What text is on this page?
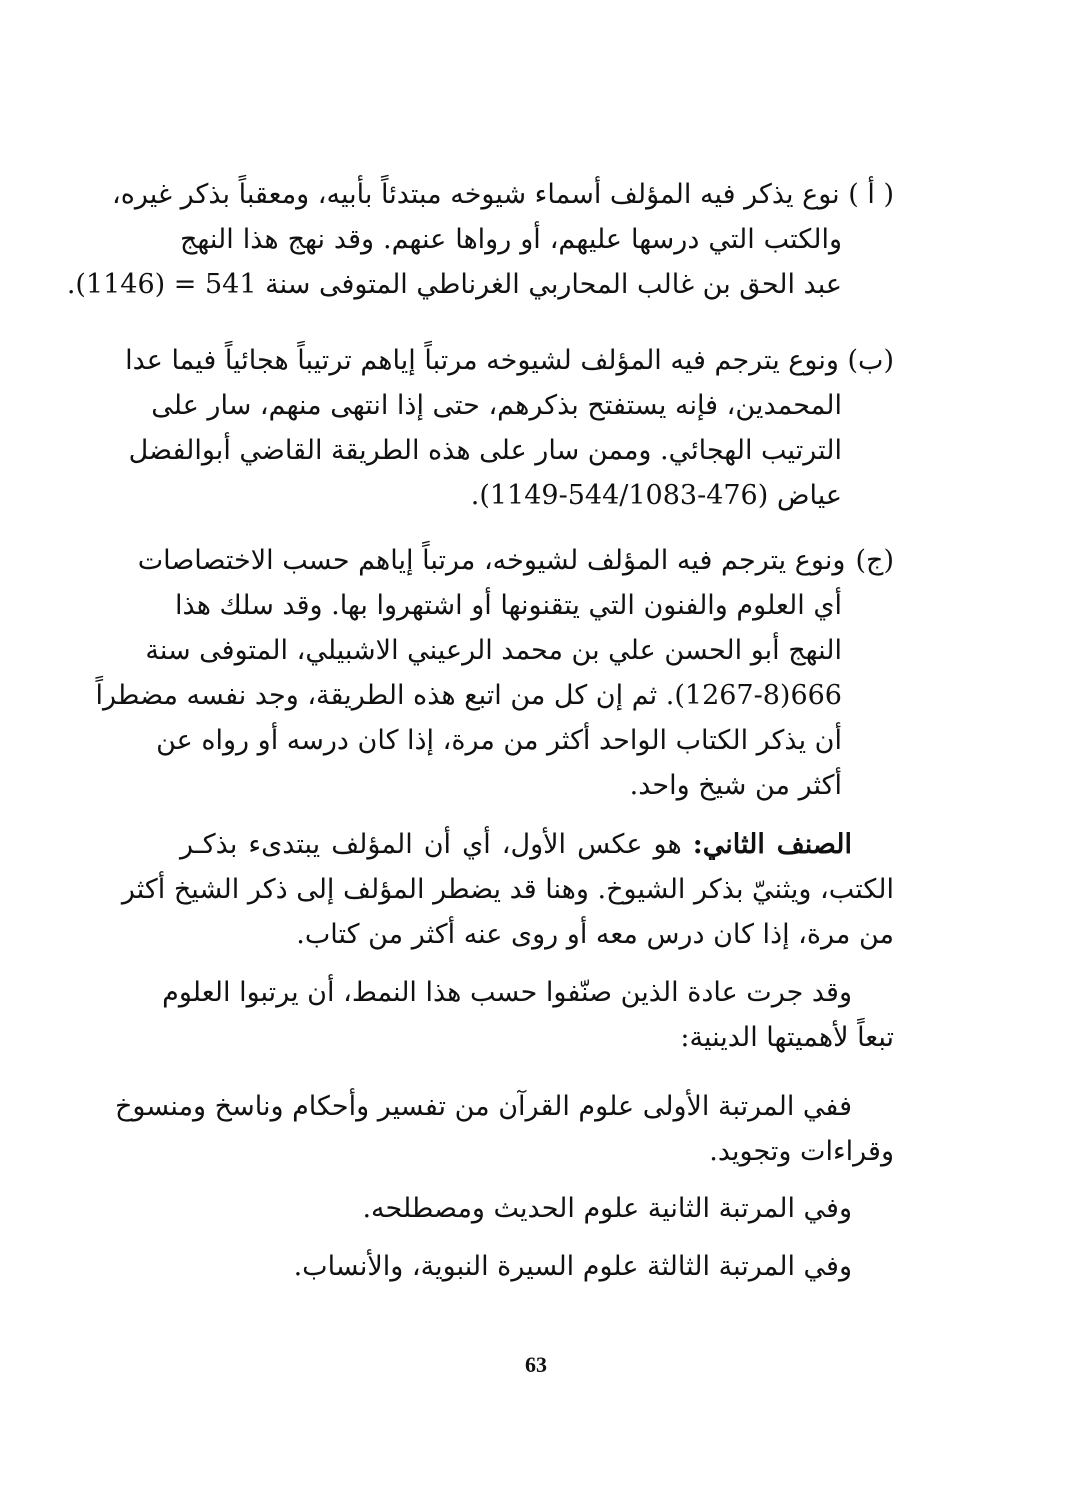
( أ ) نوع يذكر فيه المؤلف أسماء شيوخه مبتدئاً بأبيه، ومعقباً بذكر غيره،
والكتب التي درسها عليهم، أو رواها عنهم. وقد نهج هذا النهج
عبد الحق بن غالب المحاربي الغرناطي المتوفى سنة 541 = (1146).
(ب) ونوع يترجم فيه المؤلف لشيوخه مرتباً إياهم ترتيباً هجائياً فيما عدا
المحمدين، فإنه يستفتح بذكرهم، حتى إذا انتهى منهم، سار على
الترتيب الهجائي. وممن سار على هذه الطريقة القاضي أبوالفضل
عياض (476-544/1083-1149).
(ج) ونوع يترجم فيه المؤلف لشيوخه، مرتباً إياهم حسب الاختصاصات
أي العلوم والفنون التي يتقنونها أو اشتهروا بها. وقد سلك هذا
النهج أبو الحسن علي بن محمد الرعيني الاشبيلي، المتوفى سنة
666(1267-8). ثم إن كل من اتبع هذه الطريقة، وجد نفسه مضطراً
أن يذكر الكتاب الواحد أكثر من مرة، إذا كان درسه أو رواه عن
أكثر من شيخ واحد.
الصنف الثاني: هو عكس الأول، أي أن المؤلف يبتدىء بذكـر
الكتب، ويثنيّ بذكر الشيوخ. وهنا قد يضطر المؤلف إلى ذكر الشيخ أكثر
من مرة، إذا كان درس معه أو روى عنه أكثر من كتاب.
وقد جرت عادة الذين صنّفوا حسب هذا النمط، أن يرتبوا العلوم
تبعاً لأهميتها الدينية:
ففي المرتبة الأولى علوم القرآن من تفسير وأحكام وناسخ ومنسوخ
وقراءات وتجويد.
وفي المرتبة الثانية علوم الحديث ومصطلحه.
وفي المرتبة الثالثة علوم السيرة النبوية، والأنساب.
63
